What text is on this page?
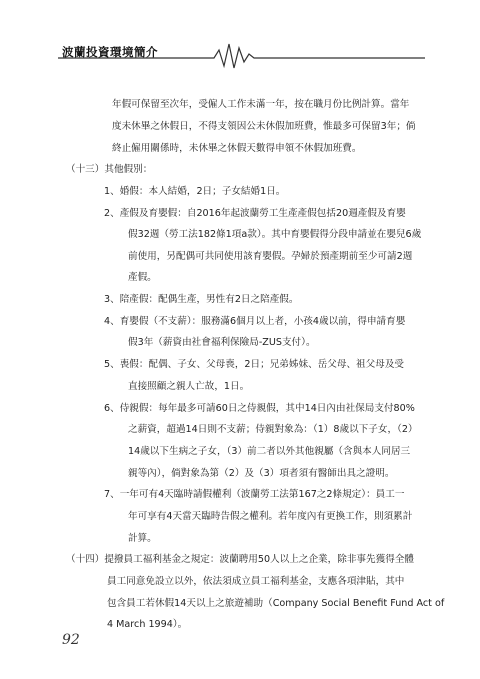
波蘭投資環境簡介
年假可保留至次年，受僱人工作未滿一年，按在職月份比例計算。當年
度未休畢之休假日，不得支領因公未休假加班費，惟最多可保留3年；倘
終止僱用關係時，未休畢之休假天數得申領不休假加班費。
（十三）其他假別：
1、婚假：本人結婚，2日；子女結婚1日。
2、產假及育嬰假：自2016年起波蘭勞工生產產假包括20週產假及育嬰
假32週（勞工法182條1項a款）。其中育嬰假得分段申請並在嬰兒6歲
前使用，另配偶可共同使用該育嬰假。孕婦於預產期前至少可請2週
產假。
3、陪產假：配偶生產，男性有2日之陪產假。
4、育嬰假（不支薪）：服務滿6個月以上者，小孩4歲以前，得申請育嬰
假3年（薪資由社會福利保險局-ZUS支付）。
5、喪假：配偶、子女、父母喪，2日；兄弟姊妹、岳父母、祖父母及受
直接照顧之親人亡故，1日。
6、侍親假：每年最多可請60日之侍親假，其中14日內由社保局支付80%
之薪資，超過14日則不支薪；侍親對象為：（1）8歲以下子女，（2）
14歲以下生病之子女，（3）前二者以外其他親屬（含與本人同居三
親等內），倘對象為第（2）及（3）項者須有醫師出具之證明。
7、一年可有4天臨時請假權利（波蘭勞工法第167之2條規定）：員工一
年可享有4天當天臨時告假之權利。若年度內有更換工作，則須累計
計算。
（十四）提撥員工福利基金之規定：波蘭聘用50人以上之企業，除非事先獲得全體
員工同意免設立以外，依法須成立員工福利基金，支應各項津貼，其中
包含員工若休假14天以上之旅遊補助（Company Social Benefit Fund Act of
4 March 1994）。
92
